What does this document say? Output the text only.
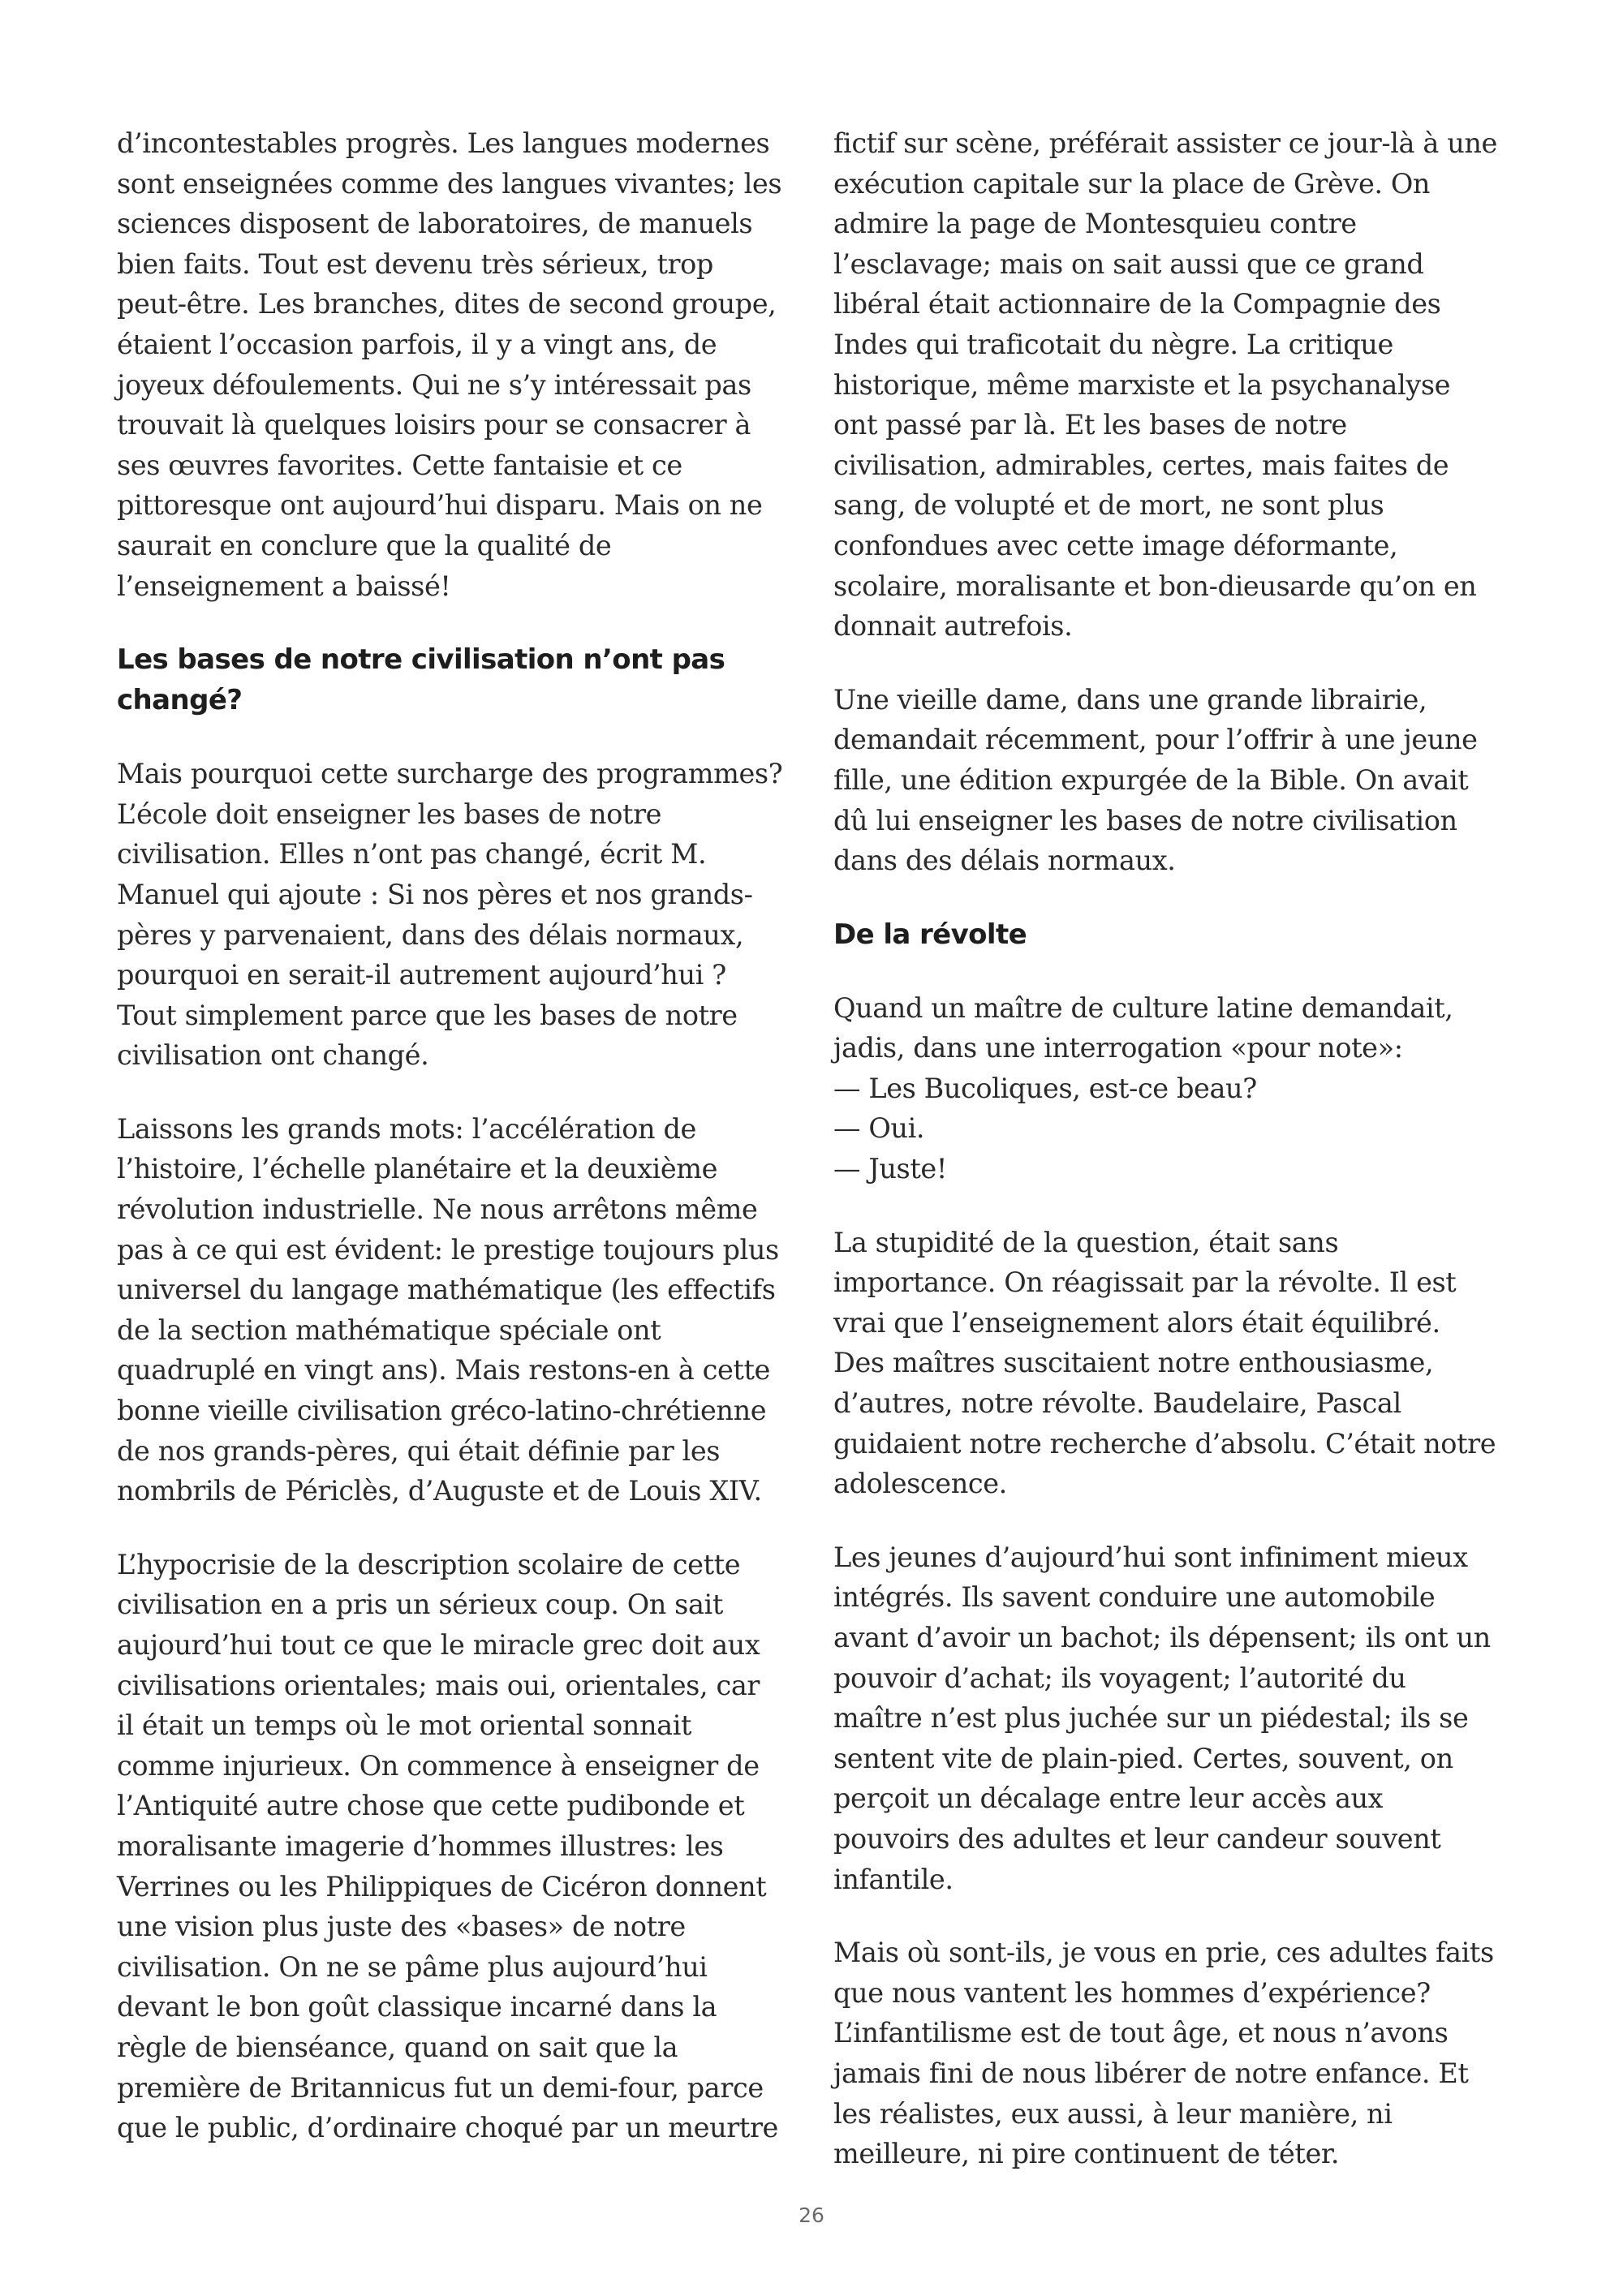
d’incontestables progrès. Les langues modernes
sont enseignées comme des langues vivantes; les
sciences disposent de laboratoires, de manuels
bien faits. Tout est devenu très sérieux, trop
peut-être. Les branches, dites de second groupe,
étaient l’occasion parfois, il y a vingt ans, de
joyeux défoulements. Qui ne s’y intéressait pas
trouvait là quelques loisirs pour se consacrer à
ses œuvres favorites. Cette fantaisie et ce
pittoresque ont aujourd’hui disparu. Mais on ne
saurait en conclure que la qualité de
l’enseignement a baissé!
Les bases de notre civilisation n’ont pas
changé?
Mais pourquoi cette surcharge des programmes?
L’école doit enseigner les bases de notre
civilisation. Elles n’ont pas changé, écrit M.
Manuel qui ajoute : Si nos pères et nos grands-
pères y parvenaient, dans des délais normaux,
pourquoi en serait-il autrement aujourd’hui ?
Tout simplement parce que les bases de notre
civilisation ont changé.
Laissons les grands mots: l’accélération de
l’histoire, l’échelle planétaire et la deuxième
révolution industrielle. Ne nous arrêtons même
pas à ce qui est évident: le prestige toujours plus
universel du langage mathématique (les effectifs
de la section mathématique spéciale ont
quadruplé en vingt ans). Mais restons-en à cette
bonne vieille civilisation gréco-latino-chrétienne
de nos grands-pères, qui était définie par les
nombrils de Périclès, d’Auguste et de Louis XIV.
L’hypocrisie de la description scolaire de cette
civilisation en a pris un sérieux coup. On sait
aujourd’hui tout ce que le miracle grec doit aux
civilisations orientales; mais oui, orientales, car
il était un temps où le mot oriental sonnait
comme injurieux. On commence à enseigner de
l’Antiquité autre chose que cette pudibonde et
moralisante imagerie d’hommes illustres: les
Verrines ou les Philippiques de Cicéron donnent
une vision plus juste des «bases» de notre
civilisation. On ne se pâme plus aujourd’hui
devant le bon goût classique incarné dans la
règle de bienséance, quand on sait que la
première de Britannicus fut un demi-four, parce
que le public, d’ordinaire choqué par un meurtre
fictif sur scène, préférait assister ce jour-là à une
exécution capitale sur la place de Grève. On
admire la page de Montesquieu contre
l’esclavage; mais on sait aussi que ce grand
libéral était actionnaire de la Compagnie des
Indes qui traficotait du nègre. La critique
historique, même marxiste et la psychanalyse
ont passé par là. Et les bases de notre
civilisation, admirables, certes, mais faites de
sang, de volupté et de mort, ne sont plus
confondues avec cette image déformante,
scolaire, moralisante et bon-dieusarde qu’on en
donnait autrefois.
Une vieille dame, dans une grande librairie,
demandait récemment, pour l’offrir à une jeune
fille, une édition expurgée de la Bible. On avait
dû lui enseigner les bases de notre civilisation
dans des délais normaux.
De la révolte
Quand un maître de culture latine demandait,
jadis, dans une interrogation «pour note»:
— Les Bucoliques, est-ce beau?
— Oui.
— Juste!
La stupidité de la question, était sans
importance. On réagissait par la révolte. Il est
vrai que l’enseignement alors était équilibré.
Des maîtres suscitaient notre enthousiasme,
d’autres, notre révolte. Baudelaire, Pascal
guidaient notre recherche d’absolu. C’était notre
adolescence.
Les jeunes d’aujourd’hui sont infiniment mieux
intégrés. Ils savent conduire une automobile
avant d’avoir un bachot; ils dépensent; ils ont un
pouvoir d’achat; ils voyagent; l’autorité du
maître n’est plus juchée sur un piédestal; ils se
sentent vite de plain-pied. Certes, souvent, on
perçoit un décalage entre leur accès aux
pouvoirs des adultes et leur candeur souvent
infantile.
Mais où sont-ils, je vous en prie, ces adultes faits
que nous vantent les hommes d’expérience?
L’infantilisme est de tout âge, et nous n’avons
jamais fini de nous libérer de notre enfance. Et
les réalistes, eux aussi, à leur manière, ni
meilleure, ni pire continuent de téter.
26
